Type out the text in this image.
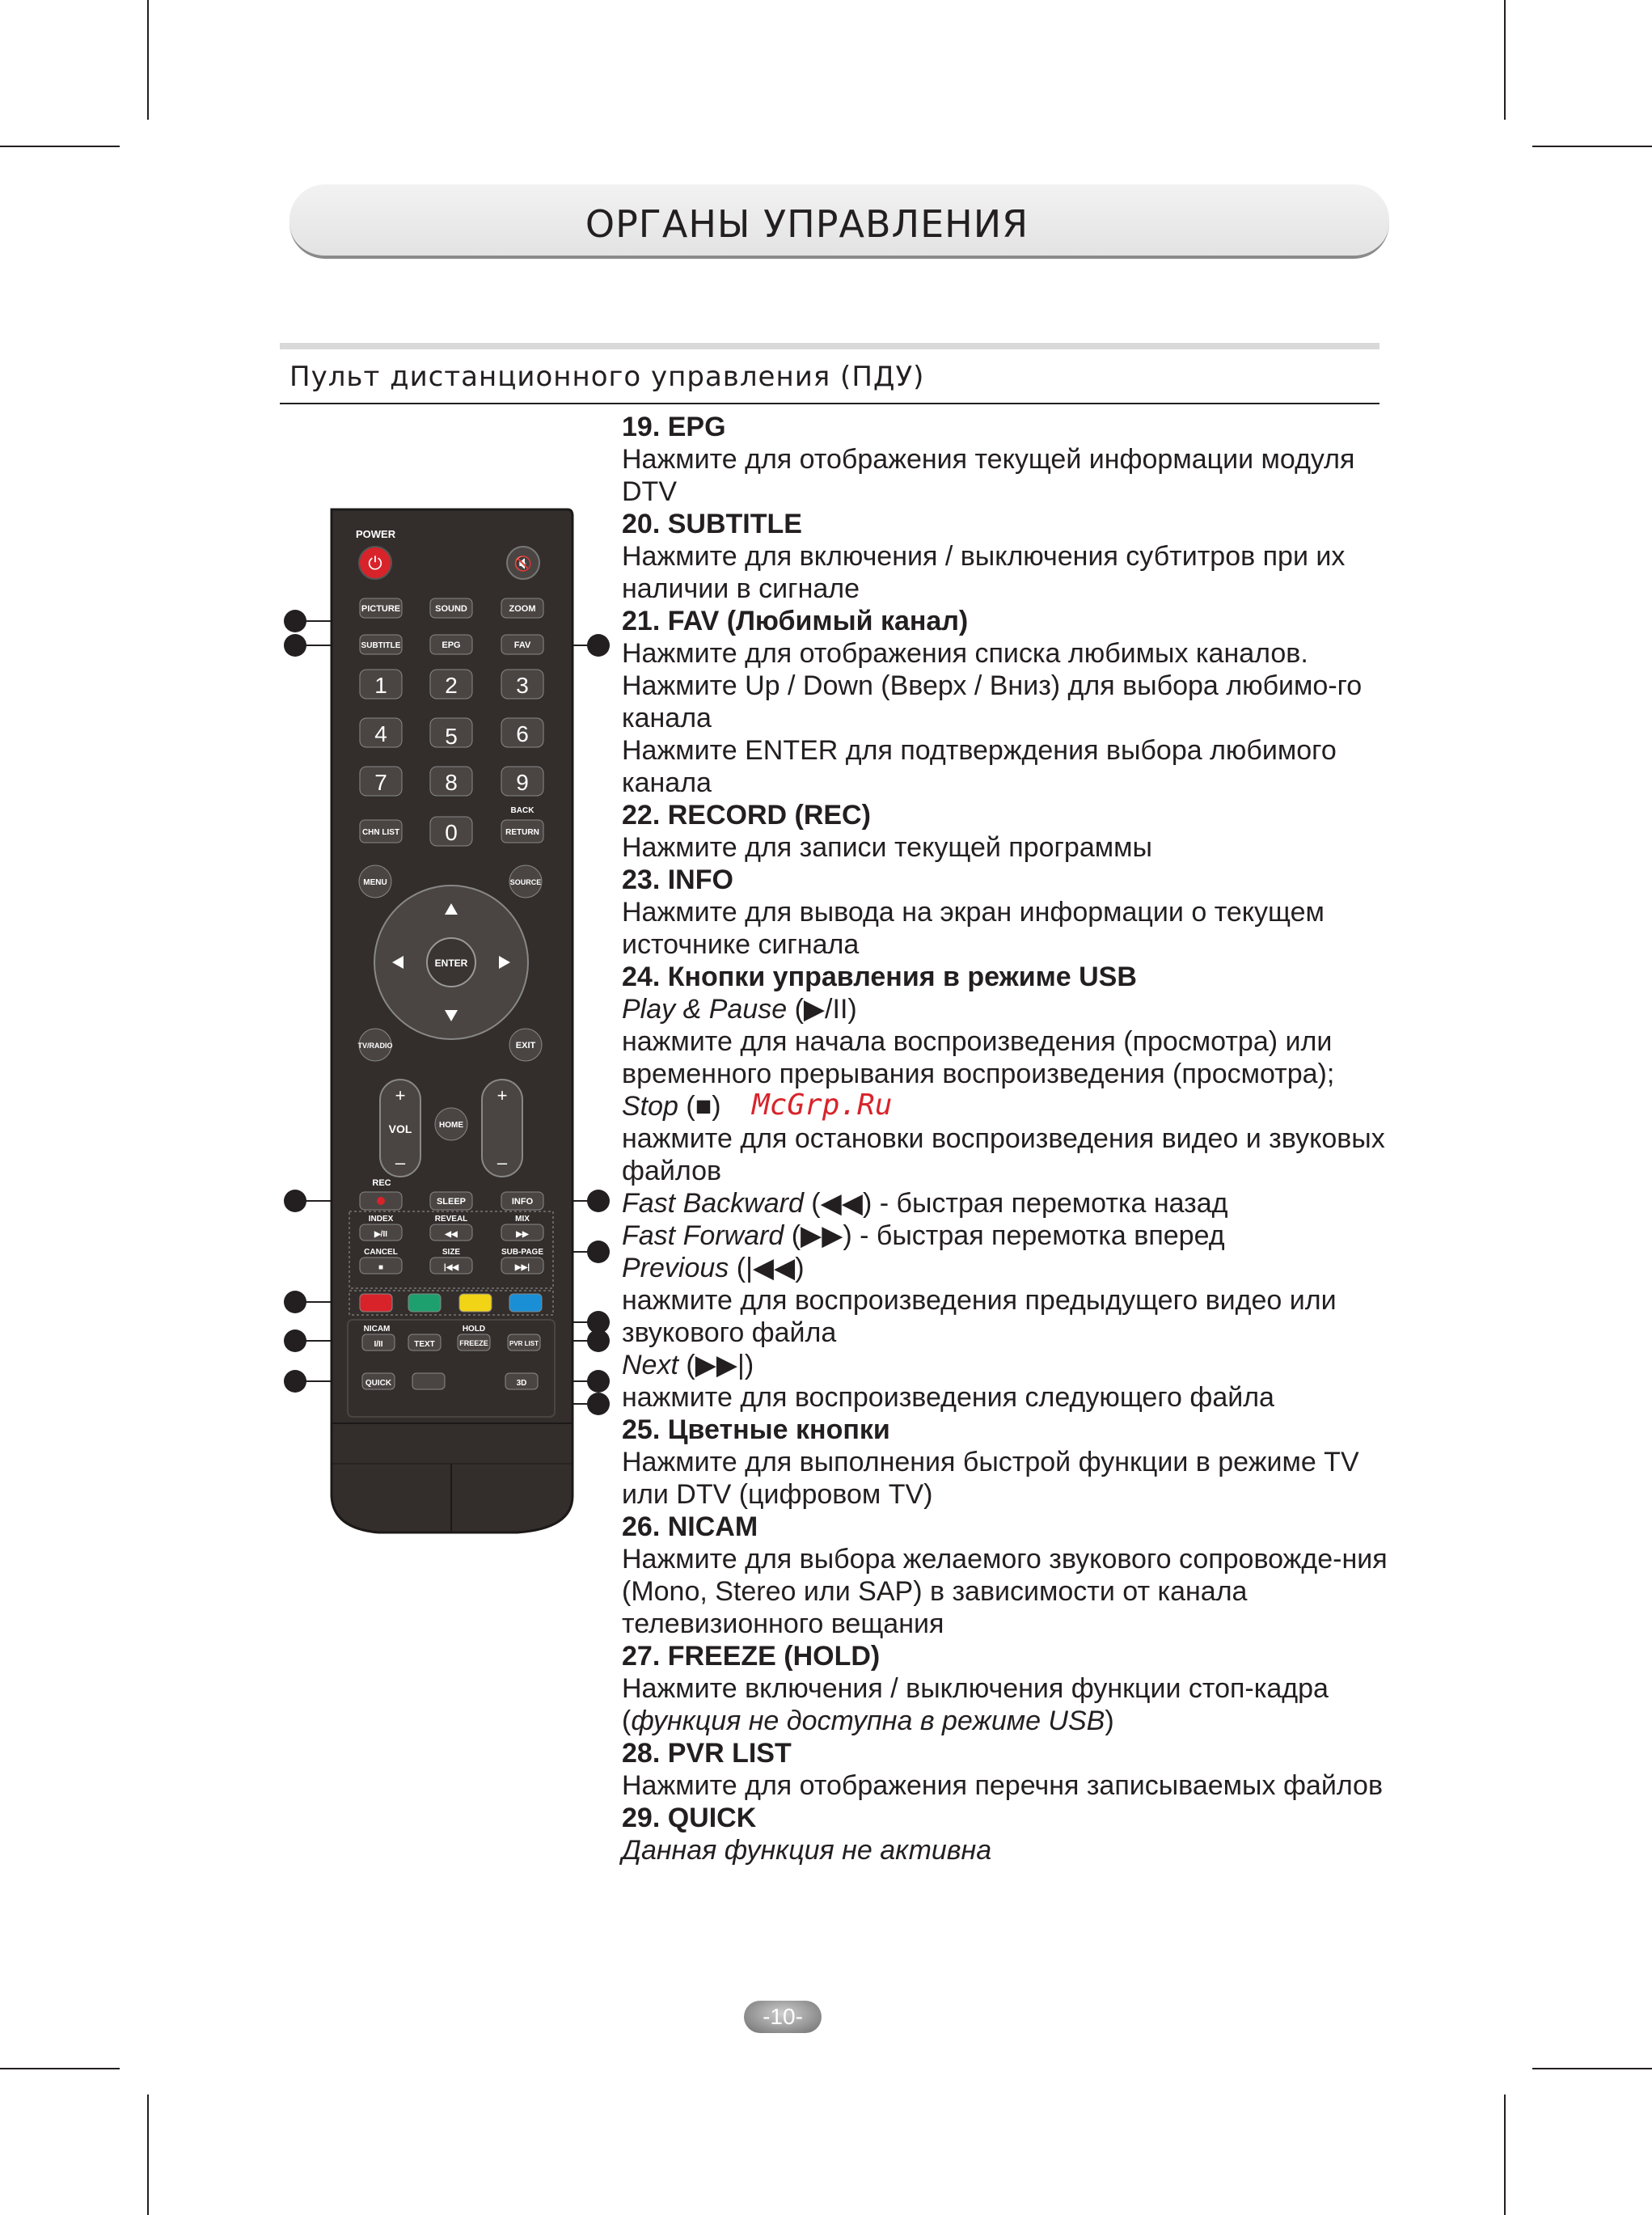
ОРГАНЫ УПРАВЛЕНИЯ
Пульт дистанционного управления (ПДУ)
POWER
⏻	🔇
PICTURE	SOUND	ZOOM
SUBTITLE	EPG	FAV
1	2	3
4	5	6
7	8	9
0
BACK
CHN LIST	RETURN
MENU	SOURCE
ENTER
TV/RADIO	EXIT
+
VOL
–
+
–
HOME
REC
SLEEP	INFO
INDEX	REVEAL	MIX
▶/II	◀◀	▶▶
CANCEL	SIZE	SUB-PAGE
■	|◀◀	▶▶|
NICAM	HOLD
I/II	TEXT	FREEZE	PVR LIST
QUICK	3D

19. EPG

Нажмите для отображения текущей информации модуля DTV

20. SUBTITLE

Нажмите для включения / выключения субтитров при их наличии в сигнале

21. FAV (Любимый канал)

Нажмите для отображения списка любимых каналов.

Нажмите Up / Down (Вверх / Вниз) для выбора любимо-го канала

Нажмите ENTER для подтверждения выбора любимого канала

22. RECORD (REC)

Нажмите для записи текущей программы

23. INFO

Нажмите для вывода на экран информации о текущем источнике сигнала

24. Кнопки управления в режиме USB

Play & Pause (▶/II)

нажмите для начала воспроизведения (просмотра) или временного прерывания воспроизведения (просмотра);

Stop (■)

нажмите для остановки воспроизведения видео и звуковых файлов

Fast Backward (◀◀) - быстрая перемотка назад

Fast Forward (▶▶) - быстрая перемотка вперед

Previous (|◀◀)

нажмите для воспроизведения предыдущего видео или звукового файла

Next (▶▶|)

нажмите для воспроизведения следующего файла

25. Цветные кнопки

Нажмите для выполнения быстрой функции в режиме TV или DTV (цифровом TV)

26. NICAM

Нажмите для выбора желаемого звукового сопровожде-ния (Mono, Stereo или SAP) в зависимости от канала телевизионного вещания

27. FREEZE (HOLD)

Нажмите включения / выключения функции стоп-кадра

(функция не доступна в режиме USB)

28. PVR LIST

Нажмите для отображения перечня записываемых файлов

29. QUICK

Данная функция не активна

McGrp.Ru
-10-
